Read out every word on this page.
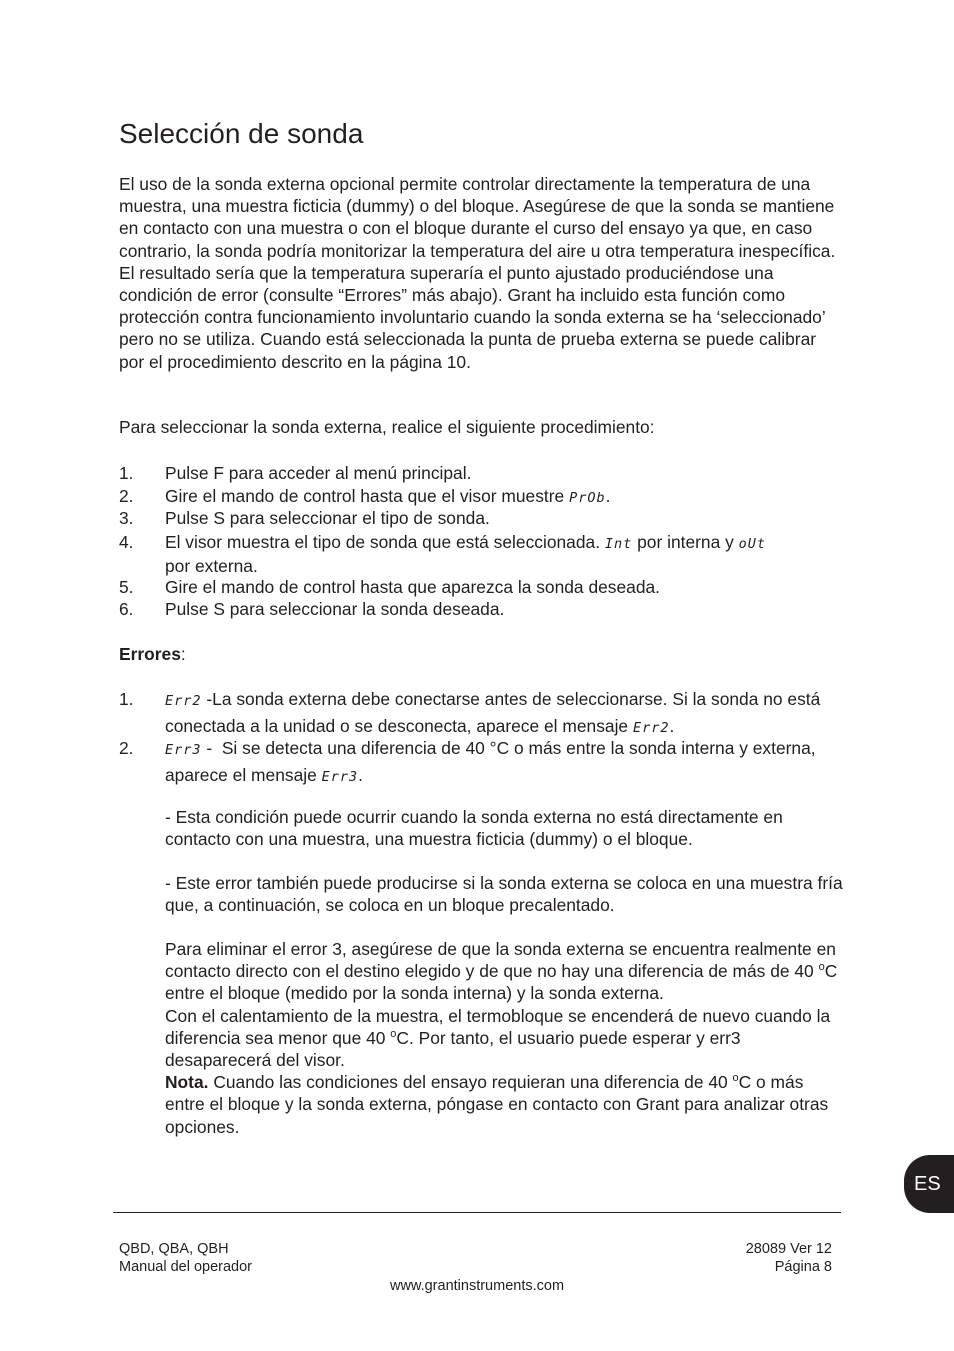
Selección de sonda

El uso de la sonda externa opcional permite controlar directamente la temperatura de una muestra, una muestra ficticia (dummy) o del bloque. Asegúrese de que la sonda se mantiene en contacto con una muestra o con el bloque durante el curso del ensayo ya que, en caso contrario, la sonda podría monitorizar la temperatura del aire u otra temperatura inespecífica. El resultado sería que la temperatura superaría el punto ajustado produciéndose una condición de error (consulte “Errores” más abajo). Grant ha incluido esta función como protección contra funcionamiento involuntario cuando la sonda externa se ha ‘seleccionado’ pero no se utiliza. Cuando está seleccionada la punta de prueba externa se puede calibrar por el procedimiento descrito en la página 10.

Para seleccionar la sonda externa, realice el siguiente procedimiento:

1. Pulse F para acceder al menú principal.
2. Gire el mando de control hasta que el visor muestre PrOb.
3. Pulse S para seleccionar el tipo de sonda.
4. El visor muestra el tipo de sonda que está seleccionada. Int por interna y oUt
por externa.
5. Gire el mando de control hasta que aparezca la sonda deseada.
6. Pulse S para seleccionar la sonda deseada.
Errores:
1. Err2 -La sonda externa debe conectarse antes de seleccionarse. Si la sonda no está conectada a la unidad o se desconecta, aparece el mensaje Err2.
2. Err3 - Si se detecta una diferencia de 40 °C o más entre la sonda interna y externa, aparece el mensaje Err3.

- Esta condición puede ocurrir cuando la sonda externa no está directamente en contacto con una muestra, una muestra ficticia (dummy) o el bloque.

- Este error también puede producirse si la sonda externa se coloca en una muestra fría que, a continuación, se coloca en un bloque precalentado.

Para eliminar el error 3, asegúrese de que la sonda externa se encuentra realmente en contacto directo con el destino elegido y de que no hay una diferencia de más de 40 $^o$C entre el bloque (medido por la sonda interna) y la sonda externa.
Con el calentamiento de la muestra, el termobloque se encenderá de nuevo cuando la diferencia sea menor que 40 $^o$C. Por tanto, el usuario puede esperar y err3 desaparecerá del visor.
Nota. Cuando las condiciones del ensayo requieran una diferencia de 40 $^o$C o más entre el bloque y la sonda externa, póngase en contacto con Grant para analizar otras opciones.

ES
QBD, QBA, QBH
Manual del operador
28089 Ver 12
Página 8
www.grantinstruments.com
